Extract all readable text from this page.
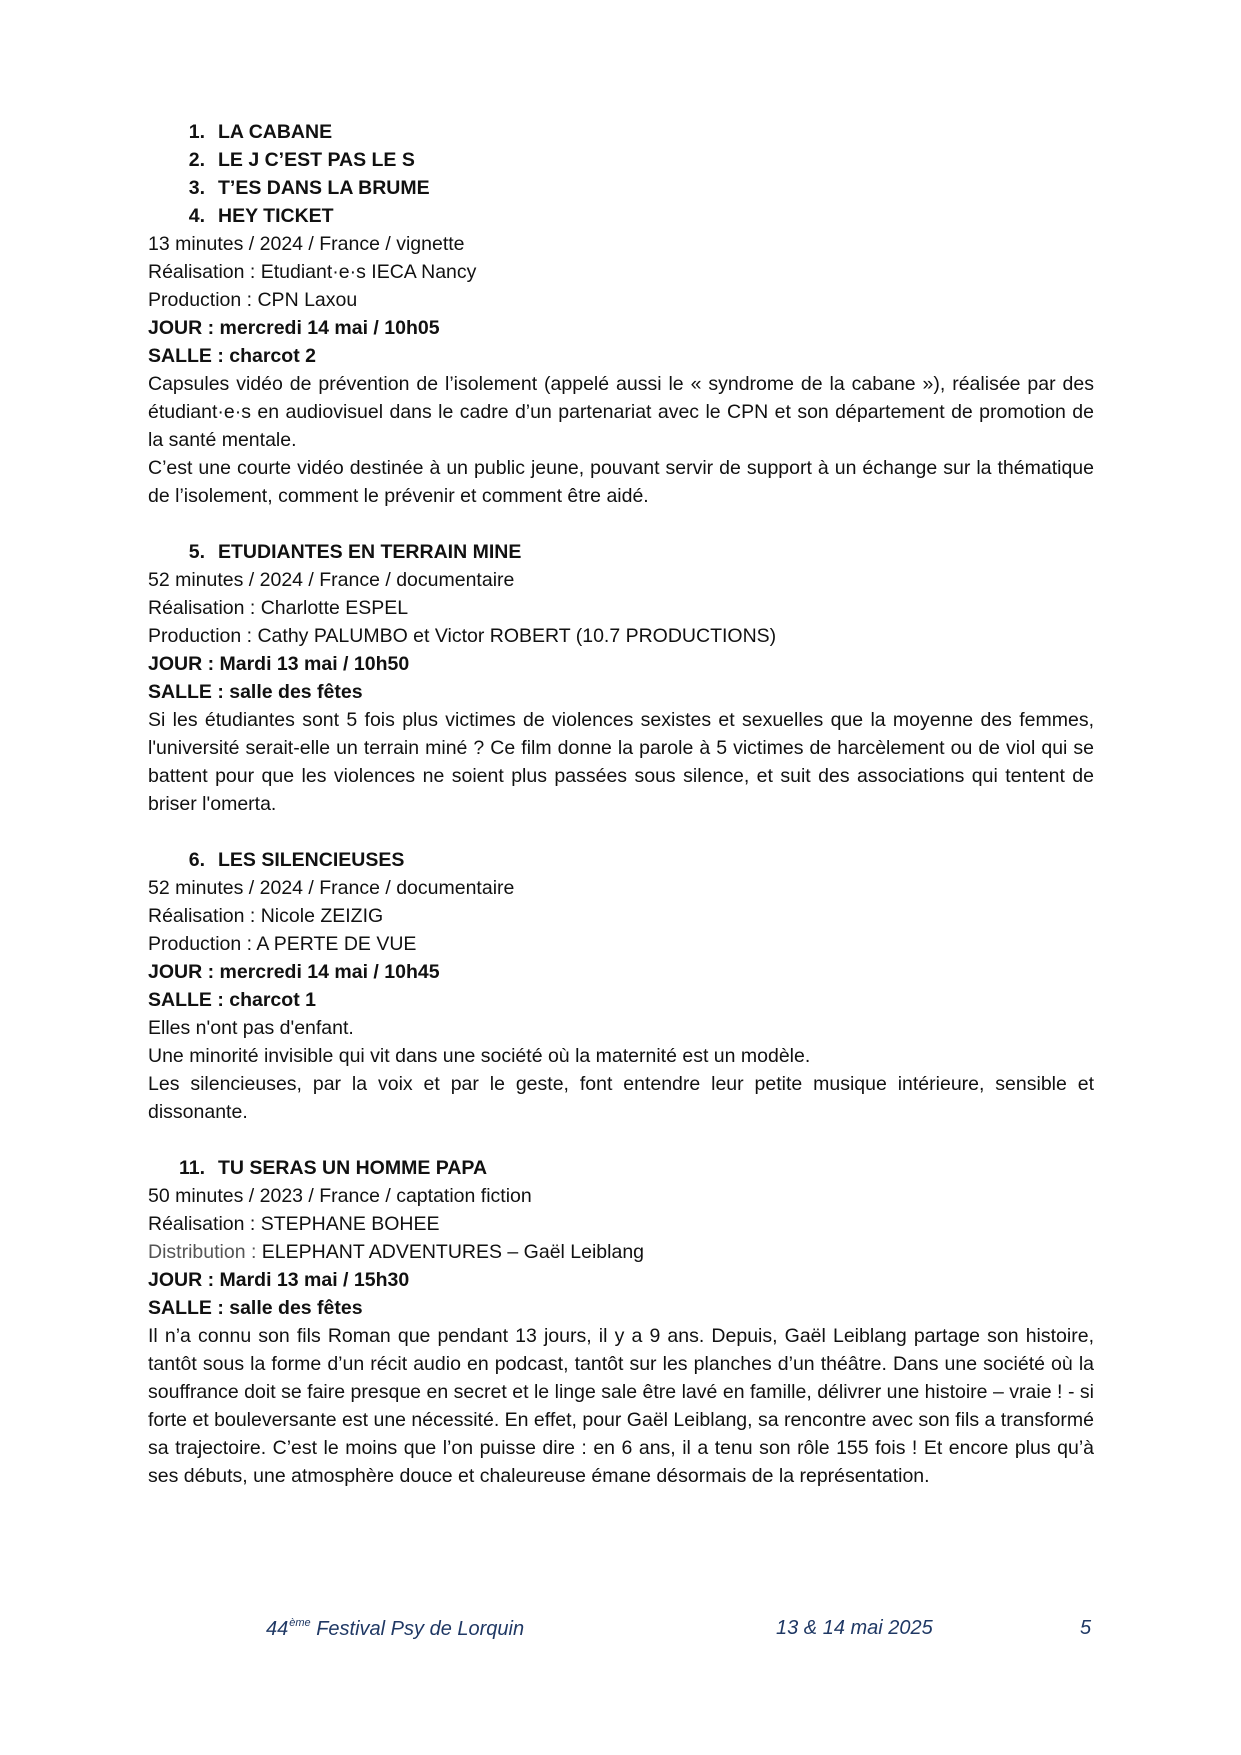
1. LA CABANE
2. LE J C’EST PAS LE S
3. T’ES DANS LA BRUME
4. HEY TICKET
13 minutes / 2024 / France / vignette
Réalisation : Etudiant·e·s IECA Nancy
Production : CPN Laxou
JOUR : mercredi 14 mai / 10h05
SALLE : charcot 2
Capsules vidéo de prévention de l’isolement (appelé aussi le « syndrome de la cabane »), réalisée par des étudiant·e·s en audiovisuel dans le cadre d’un partenariat avec le CPN et son département de promotion de la santé mentale.
C’est une courte vidéo destinée à un public jeune, pouvant servir de support à un échange sur la thématique de l’isolement, comment le prévenir et comment être aidé.
5. ETUDIANTES EN TERRAIN MINE
52 minutes / 2024 / France / documentaire
Réalisation : Charlotte ESPEL
Production : Cathy PALUMBO et Victor ROBERT (10.7 PRODUCTIONS)
JOUR : Mardi 13 mai / 10h50
SALLE : salle des fêtes
Si les étudiantes sont 5 fois plus victimes de violences sexistes et sexuelles que la moyenne des femmes, l'université serait-elle un terrain miné ? Ce film donne la parole à 5 victimes de harcèlement ou de viol qui se battent pour que les violences ne soient plus passées sous silence, et suit des associations qui tentent de briser l'omerta.
6. LES SILENCIEUSES
52 minutes / 2024 / France / documentaire
Réalisation : Nicole ZEIZIG
Production : A PERTE DE VUE
JOUR : mercredi 14 mai / 10h45
SALLE : charcot 1
Elles n'ont pas d'enfant.
Une minorité invisible qui vit dans une société où la maternité est un modèle.
Les silencieuses, par la voix et par le geste, font entendre leur petite musique intérieure, sensible et dissonante.
11. TU SERAS UN HOMME PAPA
50 minutes / 2023 / France / captation fiction
Réalisation : STEPHANE BOHEE
Distribution : ELEPHANT ADVENTURES – Gaël Leiblang
JOUR : Mardi 13 mai / 15h30
SALLE : salle des fêtes
Il n’a connu son fils Roman que pendant 13 jours, il y a 9 ans. Depuis, Gaël Leiblang partage son histoire, tantôt sous la forme d’un récit audio en podcast, tantôt sur les planches d’un théâtre. Dans une société où la souffrance doit se faire presque en secret et le linge sale être lavé en famille, délivrer une histoire – vraie ! - si forte et bouleversante est une nécessité. En effet, pour Gaël Leiblang, sa rencontre avec son fils a transformé sa trajectoire. C’est le moins que l’on puisse dire : en 6 ans, il a tenu son rôle 155 fois ! Et encore plus qu’à ses débuts, une atmosphère douce et chaleureuse émane désormais de la représentation.
44ème Festival Psy de Lorquin	13 & 14 mai 2025	5
